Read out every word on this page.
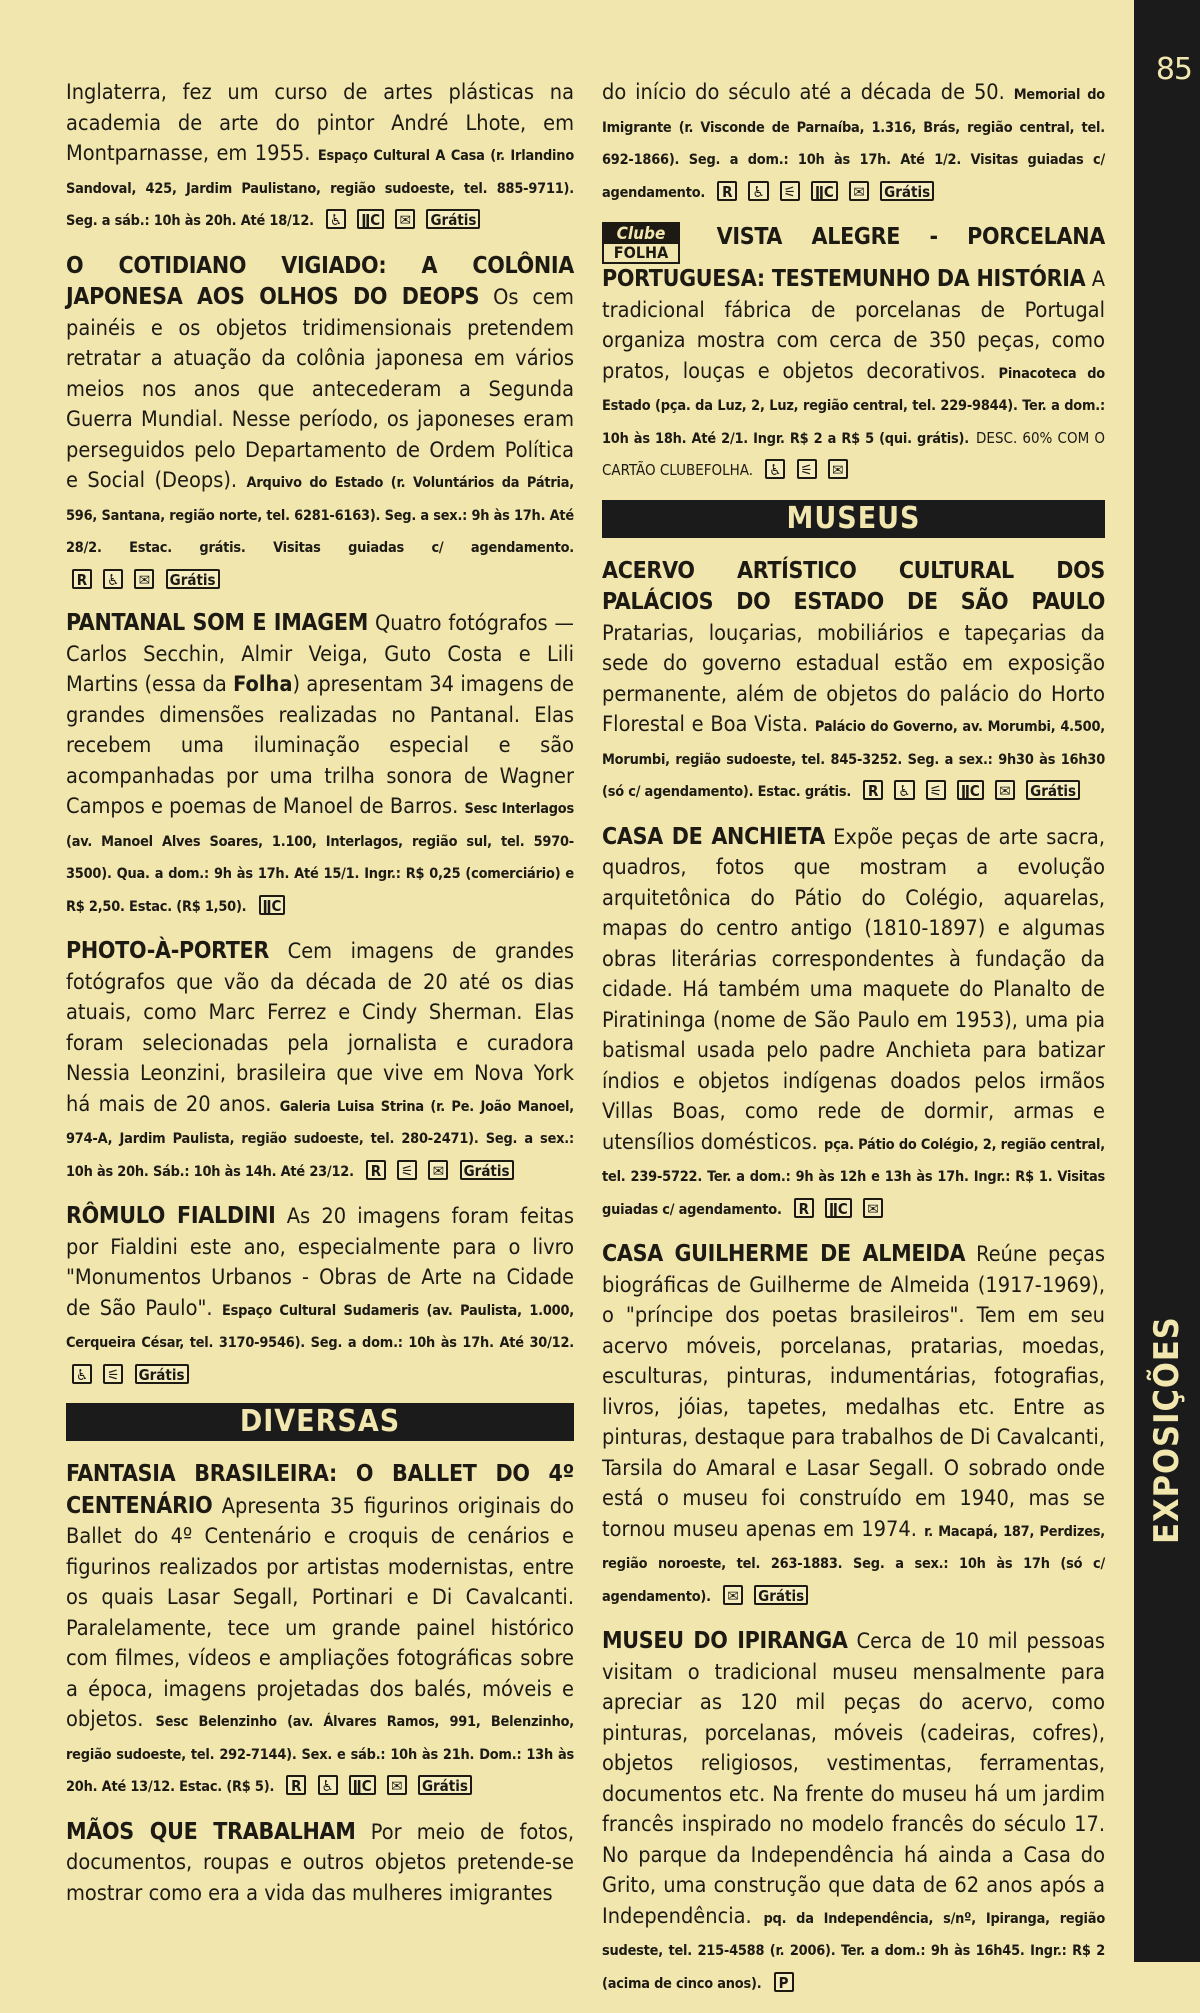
85
EXPOSIÇÕES

Inglaterra, fez um curso de artes plásticas na academia de arte do pintor André Lhote, em Montparnasse, em 1955. Espaço Cultural A Casa (r. Irlandino Sandoval, 425, Jardim Paulistano, região sudoeste, tel. 885-9711). Seg. a sáb.: 10h às 20h. Até 18/12. ♿ ǁC ✉ Grátis

O COTIDIANO VIGIADO: A COLÔNIA JAPONESA AOS OLHOS DO DEOPS Os cem painéis e os objetos tridimensionais pretendem retratar a atuação da colônia japonesa em vários meios nos anos que antecederam a Segunda Guerra Mundial. Nesse período, os japoneses eram perseguidos pelo Departamento de Ordem Política e Social (Deops). Arquivo do Estado (r. Voluntários da Pátria, 596, Santana, região norte, tel. 6281-6163). Seg. a sex.: 9h às 17h. Até 28/2. Estac. grátis. Visitas guiadas c/ agendamento. R ♿ ✉ Grátis

PANTANAL SOM E IMAGEM Quatro fotógrafos —Carlos Secchin, Almir Veiga, Guto Costa e Lili Martins (essa da Folha) apresentam 34 imagens de grandes dimensões realizadas no Pantanal. Elas recebem uma iluminação especial e são acompanhadas por uma trilha sonora de Wagner Campos e poemas de Manoel de Barros. Sesc Interlagos (av. Manoel Alves Soares, 1.100, Interlagos, região sul, tel. 5970-3500). Qua. a dom.: 9h às 17h. Até 15/1. Ingr.: R$ 0,25 (comerciário) e R$ 2,50. Estac. (R$ 1,50). ǁC

PHOTO-À-PORTER Cem imagens de grandes fotógrafos que vão da década de 20 até os dias atuais, como Marc Ferrez e Cindy Sherman. Elas foram selecionadas pela jornalista e curadora Nessia Leonzini, brasileira que vive em Nova York há mais de 20 anos. Galeria Luisa Strina (r. Pe. João Manoel, 974-A, Jardim Paulista, região sudoeste, tel. 280-2471). Seg. a sex.: 10h às 20h. Sáb.: 10h às 14h. Até 23/12. R ⚟ ✉ Grátis

RÔMULO FIALDINI As 20 imagens foram feitas por Fialdini este ano, especialmente para o livro "Monumentos Urbanos - Obras de Arte na Cidade de São Paulo". Espaço Cultural Sudameris (av. Paulista, 1.000, Cerqueira César, tel. 3170-9546). Seg. a dom.: 10h às 17h. Até 30/12. ♿ ⚟ Grátis

DIVERSAS

FANTASIA BRASILEIRA: O BALLET DO 4º CENTENÁRIO Apresenta 35 figurinos originais do Ballet do 4º Centenário e croquis de cenários e figurinos realizados por artistas modernistas, entre os quais Lasar Segall, Portinari e Di Cavalcanti. Paralelamente, tece um grande painel histórico com filmes, vídeos e ampliações fotográficas sobre a época, imagens projetadas dos balés, móveis e objetos. Sesc Belenzinho (av. Álvares Ramos, 991, Belenzinho, região sudoeste, tel. 292-7144). Sex. e sáb.: 10h às 21h. Dom.: 13h às 20h. Até 13/12. Estac. (R$ 5). R ♿ ǁC ✉ Grátis

MÃOS QUE TRABALHAM Por meio de fotos, documentos, roupas e outros objetos pretende-se mostrar como era a vida das mulheres imigrantes

do início do século até a década de 50. Memorial do Imigrante (r. Visconde de Parnaíba, 1.316, Brás, região central, tel. 692-1866). Seg. a dom.: 10h às 17h. Até 1/2. Visitas guiadas c/ agendamento. R ♿ ⚟ ǁC ✉ Grátis

Clube
FOLHA
VISTA ALEGRE - PORCELANA PORTUGUESA: TESTEMUNHO DA HISTÓRIA A tradicional fábrica de porcelanas de Portugal organiza mostra com cerca de 350 peças, como pratos, louças e objetos decorativos. Pinacoteca do Estado (pça. da Luz, 2, Luz, região central, tel. 229-9844). Ter. a dom.: 10h às 18h. Até 2/1. Ingr. R$ 2 a R$ 5 (qui. grátis). DESC. 60% COM O CARTÃO CLUBEFOLHA. ♿ ⚟ ✉

MUSEUS

ACERVO ARTÍSTICO CULTURAL DOS PALÁCIOS DO ESTADO DE SÃO PAULO Pratarias, louçarias, mobiliários e tapeçarias da sede do governo estadual estão em exposição permanente, além de objetos do palácio do Horto Florestal e Boa Vista. Palácio do Governo, av. Morumbi, 4.500, Morumbi, região sudoeste, tel. 845-3252. Seg. a sex.: 9h30 às 16h30 (só c/ agendamento). Estac. grátis. R ♿ ⚟ ǁC ✉ Grátis

CASA DE ANCHIETA Expõe peças de arte sacra, quadros, fotos que mostram a evolução arquitetônica do Pátio do Colégio, aquarelas, mapas do centro antigo (1810-1897) e algumas obras literárias correspondentes à fundação da cidade. Há também uma maquete do Planalto de Piratininga (nome de São Paulo em 1953), uma pia batismal usada pelo padre Anchieta para batizar índios e objetos indígenas doados pelos irmãos Villas Boas, como rede de dormir, armas e utensílios domésticos. pça. Pátio do Colégio, 2, região central, tel. 239-5722. Ter. a dom.: 9h às 12h e 13h às 17h. Ingr.: R$ 1. Visitas guiadas c/ agendamento. R ǁC ✉

CASA GUILHERME DE ALMEIDA Reúne peças biográficas de Guilherme de Almeida (1917-1969), o "príncipe dos poetas brasileiros". Tem em seu acervo móveis, porcelanas, pratarias, moedas, esculturas, pinturas, indumentárias, fotografias, livros, jóias, tapetes, medalhas etc. Entre as pinturas, destaque para trabalhos de Di Cavalcanti, Tarsila do Amaral e Lasar Segall. O sobrado onde está o museu foi construído em 1940, mas se tornou museu apenas em 1974. r. Macapá, 187, Perdizes, região noroeste, tel. 263-1883. Seg. a sex.: 10h às 17h (só c/ agendamento). ✉ Grátis

MUSEU DO IPIRANGA Cerca de 10 mil pessoas visitam o tradicional museu mensalmente para apreciar as 120 mil peças do acervo, como pinturas, porcelanas, móveis (cadeiras, cofres), objetos religiosos, vestimentas, ferramentas, documentos etc. Na frente do museu há um jardim francês inspirado no modelo francês do século 17. No parque da Independência há ainda a Casa do Grito, uma construção que data de 62 anos após a Independência. pq. da Independência, s/nº, Ipiranga, região sudeste, tel. 215-4588 (r. 2006). Ter. a dom.: 9h às 16h45. Ingr.: R$ 2 (acima de cinco anos). P
